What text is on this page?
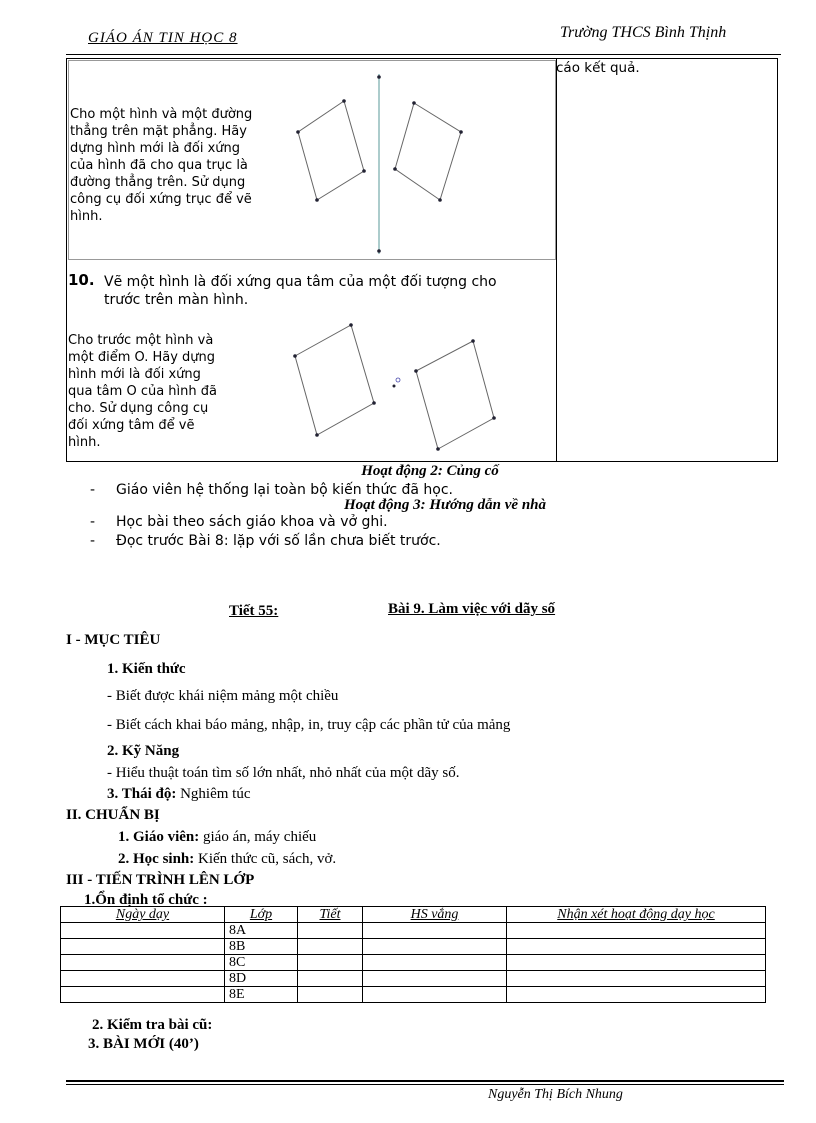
GIÁO ÁN TIN HỌC 8	Trường THCS Bình Thịnh
cáo kết quả.
Cho một hình và một đường
thẳng trên mặt phẳng. Hãy
dựng hình mới là đối xứng
của hình đã cho qua trục là
đường thẳng trên. Sử dụng
công cụ đối xứng trục để vẽ
hình.
10. Vẽ một hình là đối xứng qua tâm của một đối tượng cho
trước trên màn hình.
Cho trước một hình và
một điểm O. Hãy dựng
hình mới là đối xứng
qua tâm O của hình đã
cho. Sử dụng công cụ
đối xứng tâm để vẽ
hình.
Hoạt động 2: Củng cố
- Giáo viên hệ thống lại toàn bộ kiến thức đã học.
Hoạt động 3: Hướng dẫn về nhà
- Học bài theo sách giáo khoa và vở ghi.
- Đọc trước Bài 8: lặp với số lần chưa biết trước.
Tiết 55:	Bài 9. Làm việc với dãy số
I - MỤC TIÊU
1. Kiến thức
- Biết được khái niệm mảng một chiều
- Biết cách khai báo mảng, nhập, in, truy cập các phần tử của mảng
2. Kỹ Năng
- Hiểu thuật toán tìm số lớn nhất, nhỏ nhất của một dãy số.
3. Thái độ: Nghiêm túc
II. CHUẨN BỊ
1. Giáo viên: giáo án, máy chiếu
2. Học sinh: Kiến thức cũ, sách, vở.
III - TIẾN TRÌNH LÊN LỚP
1.Ổn định tổ chức :
Ngày dạy	Lớp	Tiết	HS vắng	Nhận xét hoạt động dạy học
	8A			
	8B			
	8C			
	8D			
	8E			
2. Kiểm tra bài cũ:
3. BÀI MỚI (40’)
Nguyễn Thị Bích Nhung
